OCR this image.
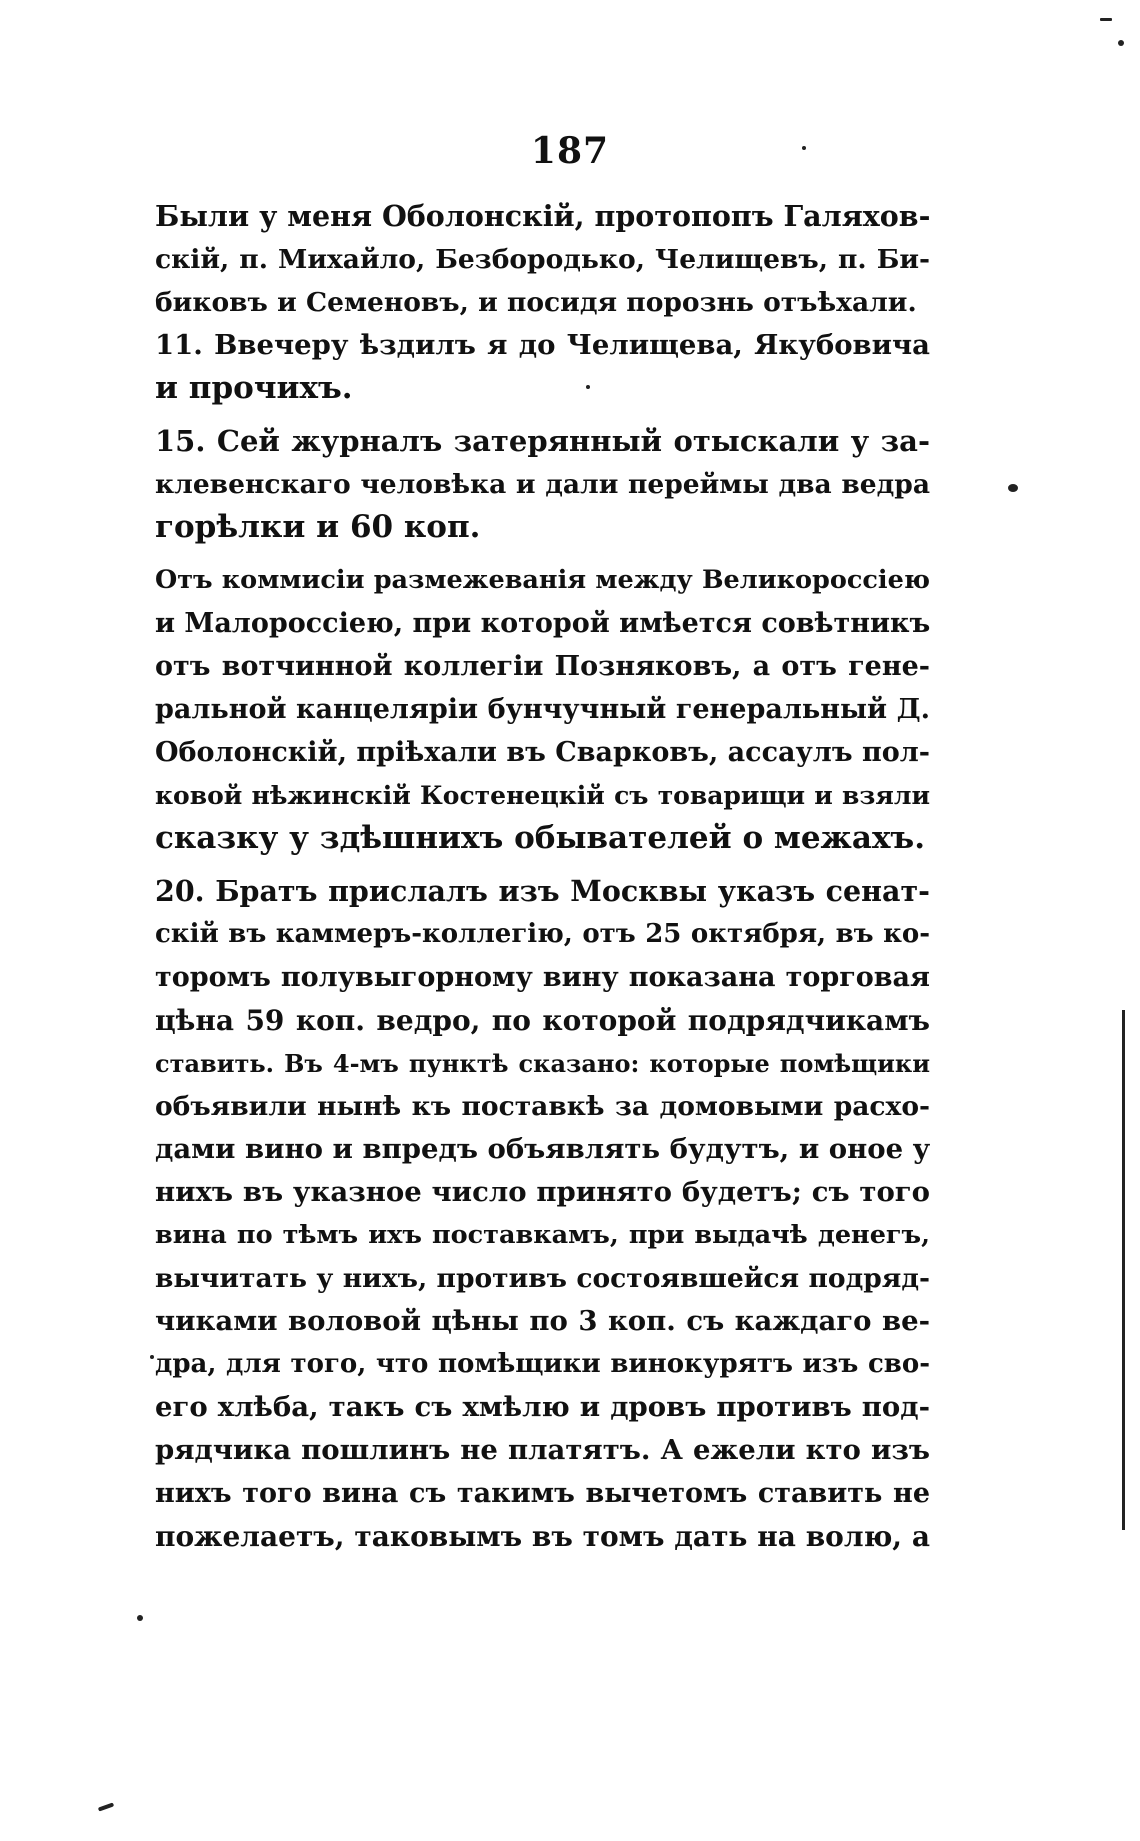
187
Были у меня Оболонскій, протопопъ Галяхов-
скій, п. Михайло, Безбородько, Челищевъ, п. Би-
биковъ и Семеновъ, и посидя порознь отъѣхали.
11. Ввечеру ѣздилъ я до Челищева, Якубовича
и прочихъ.
15. Сей журналъ затерянный отыскали у за-
клевенскаго человѣка и дали переймы два ведра
горѣлки и 60 коп.
Отъ коммисіи размежеванія между Великороссіею
и Малороссіею, при которой имѣется совѣтникъ
отъ вотчинной коллегіи Позняковъ, а отъ гене-
ральной канцеляріи бунчучный генеральный Д.
Оболонскій, пріѣхали въ Сварковъ, ассаулъ пол-
ковой нѣжинскій Костенецкій съ товарищи и взяли
сказку у здѣшнихъ обывателей о межахъ.
20. Братъ прислалъ изъ Москвы указъ сенат-
скій въ каммеръ-коллегію, отъ 25 октября, въ ко-
торомъ полувыгорному вину показана торговая
цѣна 59 коп. ведро, по которой подрядчикамъ
ставить. Въ 4-мъ пунктѣ сказано: которые помѣщики
объявили нынѣ къ поставкѣ за домовыми расхо-
дами вино и впредъ объявлять будутъ, и оное у
нихъ въ указное число принято будетъ; съ того
вина по тѣмъ ихъ поставкамъ, при выдачѣ денегъ,
вычитать у нихъ, противъ состоявшейся подряд-
чиками воловой цѣны по 3 коп. съ каждаго ве-
дра, для того, что помѣщики винокурятъ изъ сво-
его хлѣба, такъ съ хмѣлю и дровъ противъ под-
рядчика пошлинъ не платятъ. А ежели кто изъ
нихъ того вина съ такимъ вычетомъ ставить не
пожелаетъ, таковымъ въ томъ дать на волю, а
